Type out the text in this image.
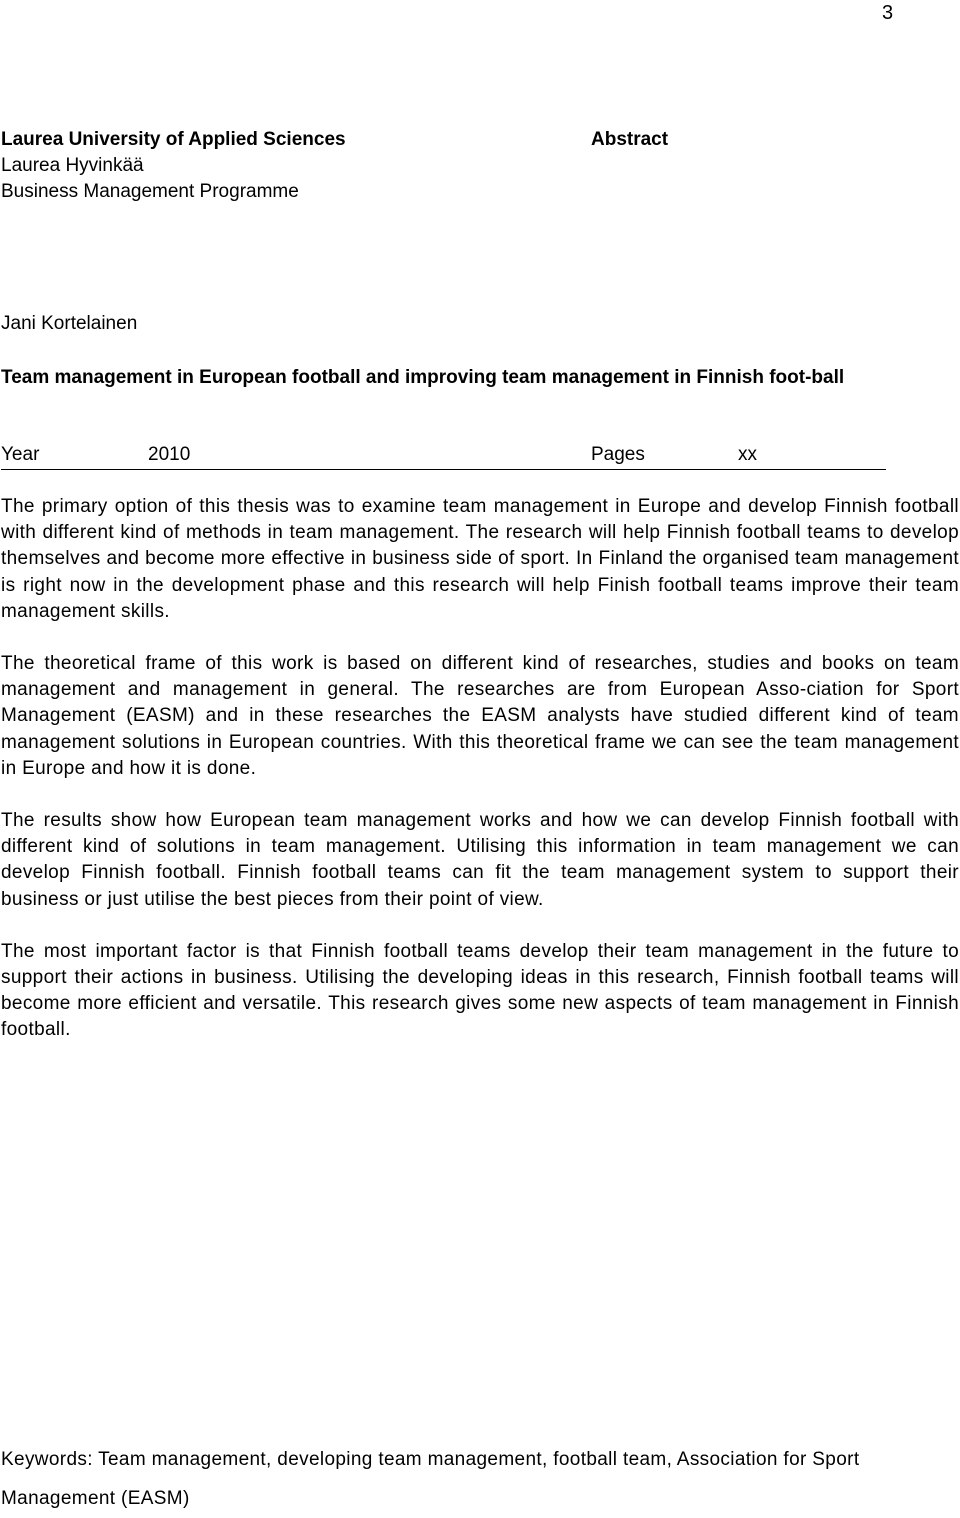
3
Laurea University of Applied Sciences
Laurea Hyvinkää
Business Management Programme
Abstract
Jani Kortelainen
Team management in European football and improving team management in Finnish foot-ball
Year	2010	Pages	xx

The primary option of this thesis was to examine team management in Europe and develop Finnish football with different kind of methods in team management. The research will help Finnish football teams to develop themselves and become more effective in business side of sport. In Finland the organised team management is right now in the development phase and this research will help Finish football teams improve their team management skills.

The theoretical frame of this work is based on different kind of researches, studies and books on team management and management in general. The researches are from European Asso-ciation for Sport Management (EASM) and in these researches the EASM analysts have studied different kind of team management solutions in European countries. With this theoretical frame we can see the team management in Europe and how it is done.

The results show how European team management works and how we can develop Finnish football with different kind of solutions in team management. Utilising this information in team management we can develop Finnish football. Finnish football teams can fit the team management system to support their business or just utilise the best pieces from their point of view.

The most important factor is that Finnish football teams develop their team management in the future to support their actions in business. Utilising the developing ideas in this research, Finnish football teams will become more efficient and versatile. This research gives some new aspects of team management in Finnish football.

Keywords: Team management, developing team management, football team, Association for Sport Management (EASM)
